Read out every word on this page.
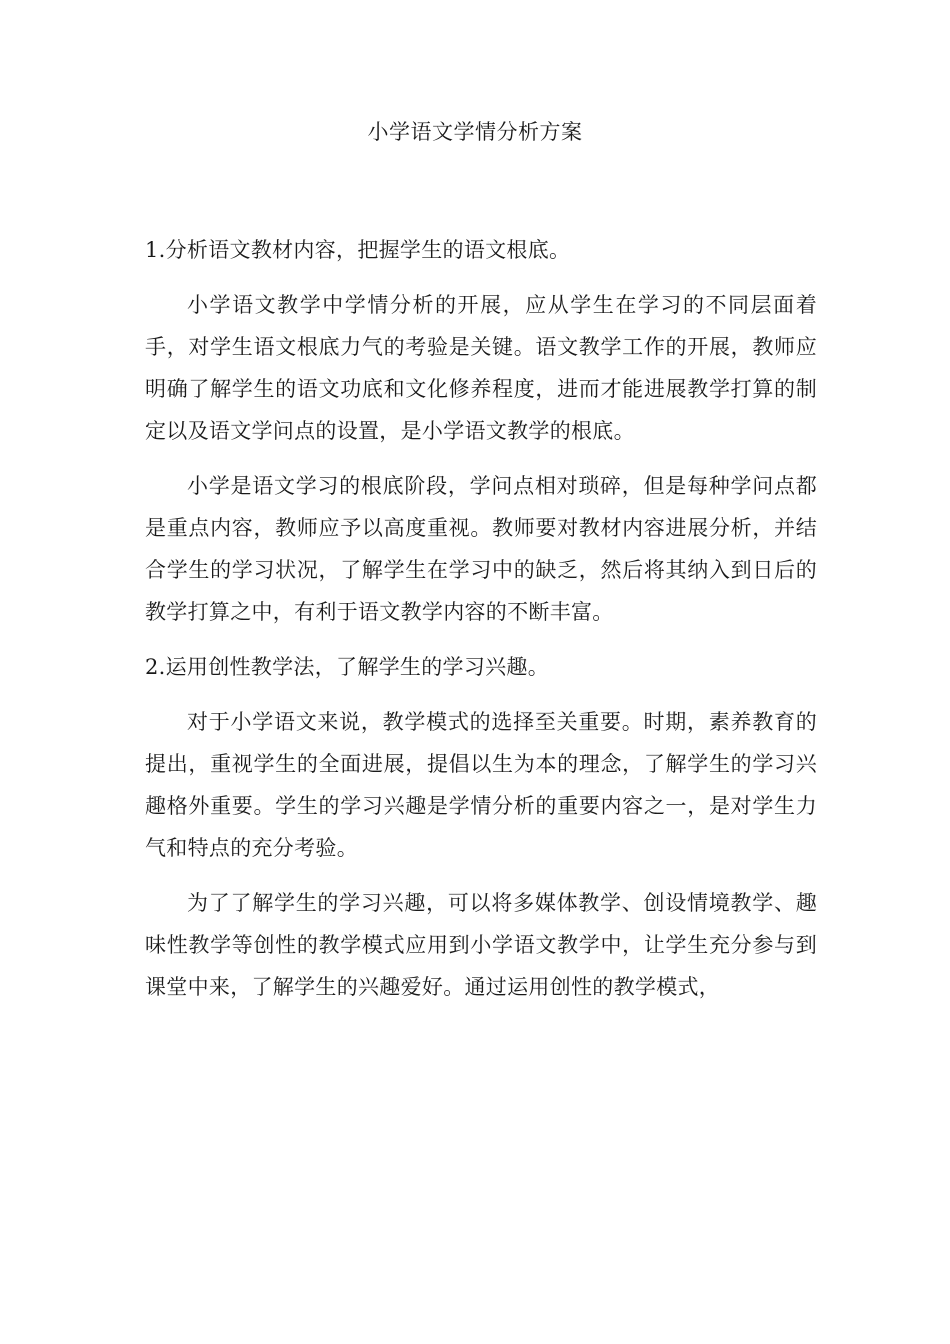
小学语文学情分析方案

1.分析语文教材内容，把握学生的语文根底。

小学语文教学中学情分析的开展，应从学生在学习的不同层面着手，对学生语文根底力气的考验是关键。语文教学工作的开展，教师应明确了解学生的语文功底和文化修养程度，进而才能进展教学打算的制定以及语文学问点的设置，是小学语文教学的根底。

小学是语文学习的根底阶段，学问点相对琐碎，但是每种学问点都是重点内容，教师应予以高度重视。教师要对教材内容进展分析，并结合学生的学习状况，了解学生在学习中的缺乏，然后将其纳入到日后的教学打算之中，有利于语文教学内容的不断丰富。

2.运用创性教学法，了解学生的学习兴趣。

对于小学语文来说，教学模式的选择至关重要。时期，素养教育的提出，重视学生的全面进展，提倡以生为本的理念，了解学生的学习兴趣格外重要。学生的学习兴趣是学情分析的重要内容之一，是对学生力气和特点的充分考验。

为了了解学生的学习兴趣，可以将多媒体教学、创设情境教学、趣味性教学等创性的教学模式应用到小学语文教学中，让学生充分参与到课堂中来，了解学生的兴趣爱好。通过运用创性的教学模式，
